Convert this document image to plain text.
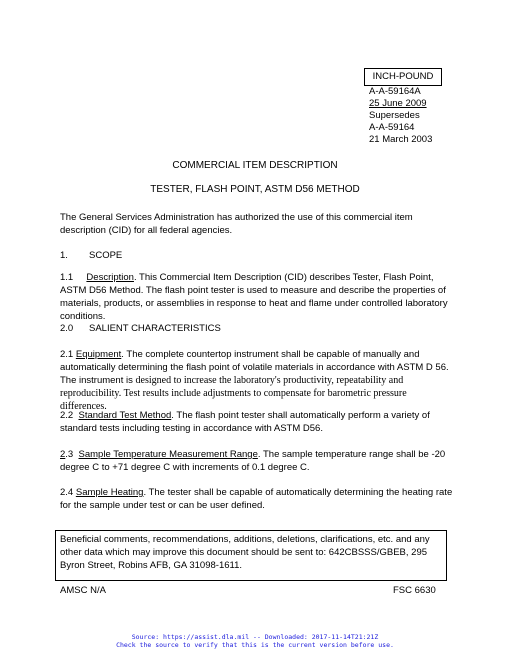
INCH-POUND
A-A-59164A
25 June 2009
Supersedes
A-A-59164
21 March 2003
COMMERCIAL ITEM DESCRIPTION
TESTER, FLASH POINT, ASTM D56 METHOD
The General Services Administration has authorized the use of this commercial item description (CID) for all federal agencies.
1. SCOPE
1.1 Description. This Commercial Item Description (CID) describes Tester, Flash Point, ASTM D56 Method. The flash point tester is used to measure and describe the properties of materials, products, or assemblies in response to heat and flame under controlled laboratory conditions.
2.0 SALIENT CHARACTERISTICS
2.1 Equipment. The complete countertop instrument shall be capable of manually and automatically determining the flash point of volatile materials in accordance with ASTM D 56. The instrument is designed to increase the laboratory's productivity, repeatability and reproducibility. Test results include adjustments to compensate for barometric pressure differences.
2.2 Standard Test Method. The flash point tester shall automatically perform a variety of standard tests including testing in accordance with ASTM D56.
2.3 Sample Temperature Measurement Range. The sample temperature range shall be -20 degree C to +71 degree C with increments of 0.1 degree C.
2.4 Sample Heating. The tester shall be capable of automatically determining the heating rate for the sample under test or can be user defined.
Beneficial comments, recommendations, additions, deletions, clarifications, etc. and any other data which may improve this document should be sent to: 642CBSSS/GBEB, 295 Byron Street, Robins AFB, GA 31098-1611.
AMSC N/A	FSC 6630
Source: https://assist.dla.mil -- Downloaded: 2017-11-14T21:21Z
Check the source to verify that this is the current version before use.
